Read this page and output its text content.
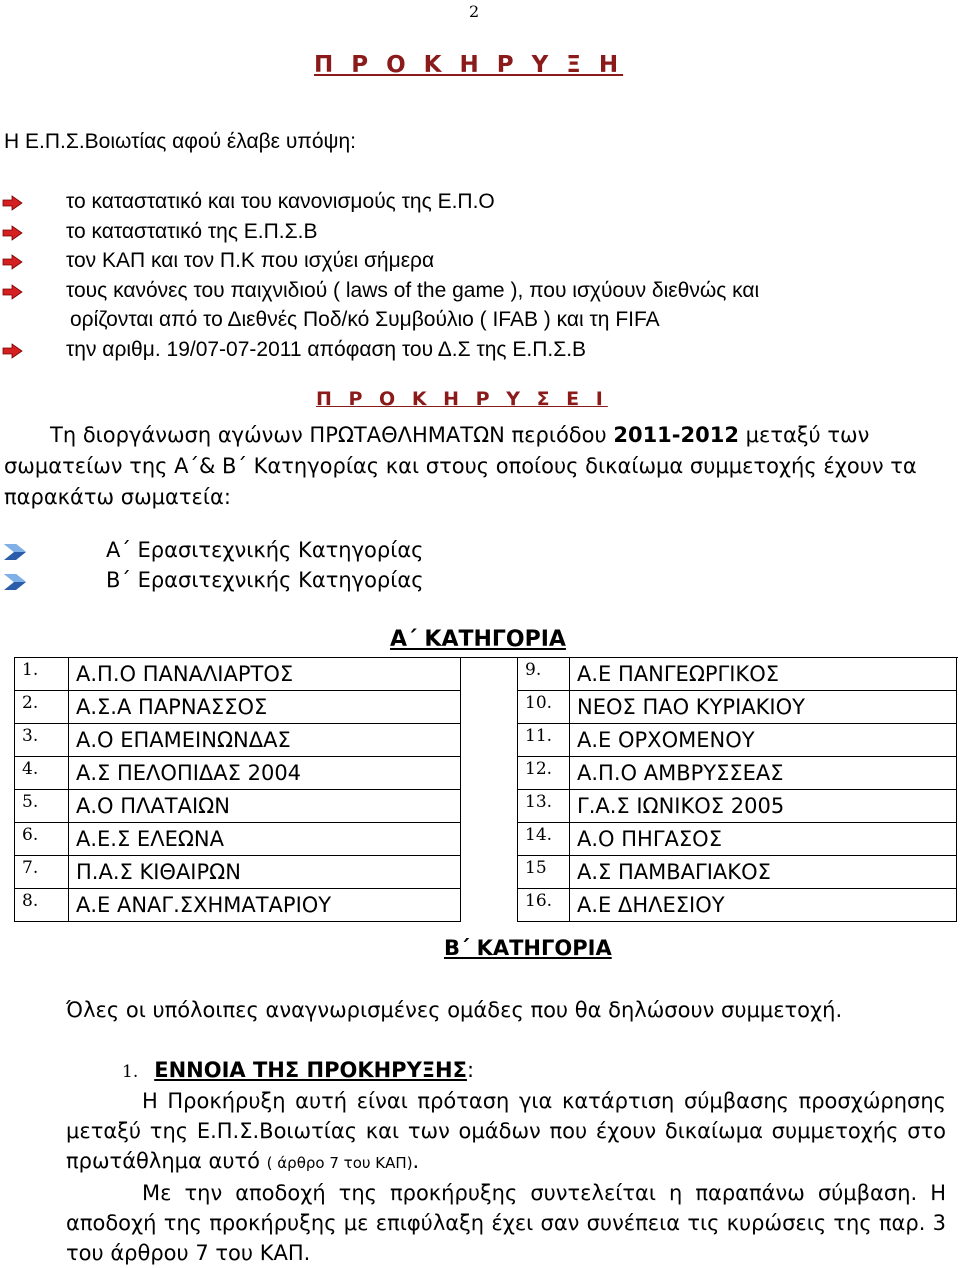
2
Π Ρ Ο Κ Η Ρ Υ Ξ Η
Η Ε.Π.Σ.Βοιωτίας αφού έλαβε υπόψη:
το καταστατικό και του κανονισμούς της Ε.Π.Ο
το καταστατικό της Ε.Π.Σ.Β
τον ΚΑΠ και τον Π.Κ που ισχύει σήμερα
τους κανόνες του παιχνιδιού ( laws of the game ), που ισχύουν διεθνώς και
ορίζονται από το Διεθνές Ποδ/κό Συμβούλιο ( IFAB ) και τη FIFA
την αριθμ. 19/07-07-2011 απόφαση του Δ.Σ της Ε.Π.Σ.Β
Π Ρ Ο Κ Η Ρ Υ Σ Ε Ι
Τη διοργάνωση αγώνων ΠΡΩΤΑΘΛΗΜΑΤΩΝ περιόδου 2011-2012 μεταξύ των σωματείων της Α΄& Β΄ Κατηγορίας και στους οποίους δικαίωμα συμμετοχής έχουν τα παρακάτω σωματεία:
Α΄ Ερασιτεχνικής Κατηγορίας
Β΄ Ερασιτεχνικής Κατηγορίας
Α΄ ΚΑΤΗΓΟΡΙΑ
1.	Α.Π.Ο ΠΑΝΑΛΙΑΡΤΟΣ
2.	Α.Σ.Α ΠΑΡΝΑΣΣΟΣ
3.	Α.Ο ΕΠΑΜΕΙΝΩΝΔΑΣ
4.	Α.Σ ΠΕΛΟΠΙΔΑΣ 2004
5.	Α.Ο ΠΛΑΤΑΙΩΝ
6.	Α.Ε.Σ ΕΛΕΩΝΑ
7.	Π.Α.Σ ΚΙΘΑΙΡΩΝ
8.	Α.Ε ΑΝΑΓ.ΣΧΗΜΑΤΑΡΙΟΥ
9.	Α.Ε ΠΑΝΓΕΩΡΓΙΚΟΣ
10.	ΝΕΟΣ ΠΑΟ ΚΥΡΙΑΚΙΟΥ
11.	Α.Ε ΟΡΧΟΜΕΝΟΥ
12.	Α.Π.Ο ΑΜΒΡΥΣΣΕΑΣ
13.	Γ.Α.Σ ΙΩΝΙΚΟΣ 2005
14.	Α.Ο ΠΗΓΑΣΟΣ
15	Α.Σ ΠΑΜΒΑΓΙΑΚΟΣ
16.	Α.Ε ΔΗΛΕΣΙΟΥ
Β΄ ΚΑΤΗΓΟΡΙΑ
Όλες οι υπόλοιπες αναγνωρισμένες ομάδες που θα δηλώσουν συμμετοχή.
1. ΕΝΝΟΙΑ ΤΗΣ ΠΡΟΚΗΡΥΞΗΣ:
Η Προκήρυξη αυτή είναι πρόταση για κατάρτιση σύμβασης προσχώρησης μεταξύ της Ε.Π.Σ.Βοιωτίας και των ομάδων που έχουν δικαίωμα συμμετοχής στο πρωτάθλημα αυτό ( άρθρο 7 του ΚΑΠ).
Με την αποδοχή της προκήρυξης συντελείται η παραπάνω σύμβαση. Η αποδοχή της προκήρυξης με επιφύλαξη έχει σαν συνέπεια τις κυρώσεις της παρ. 3 του άρθρου 7 του ΚΑΠ.
